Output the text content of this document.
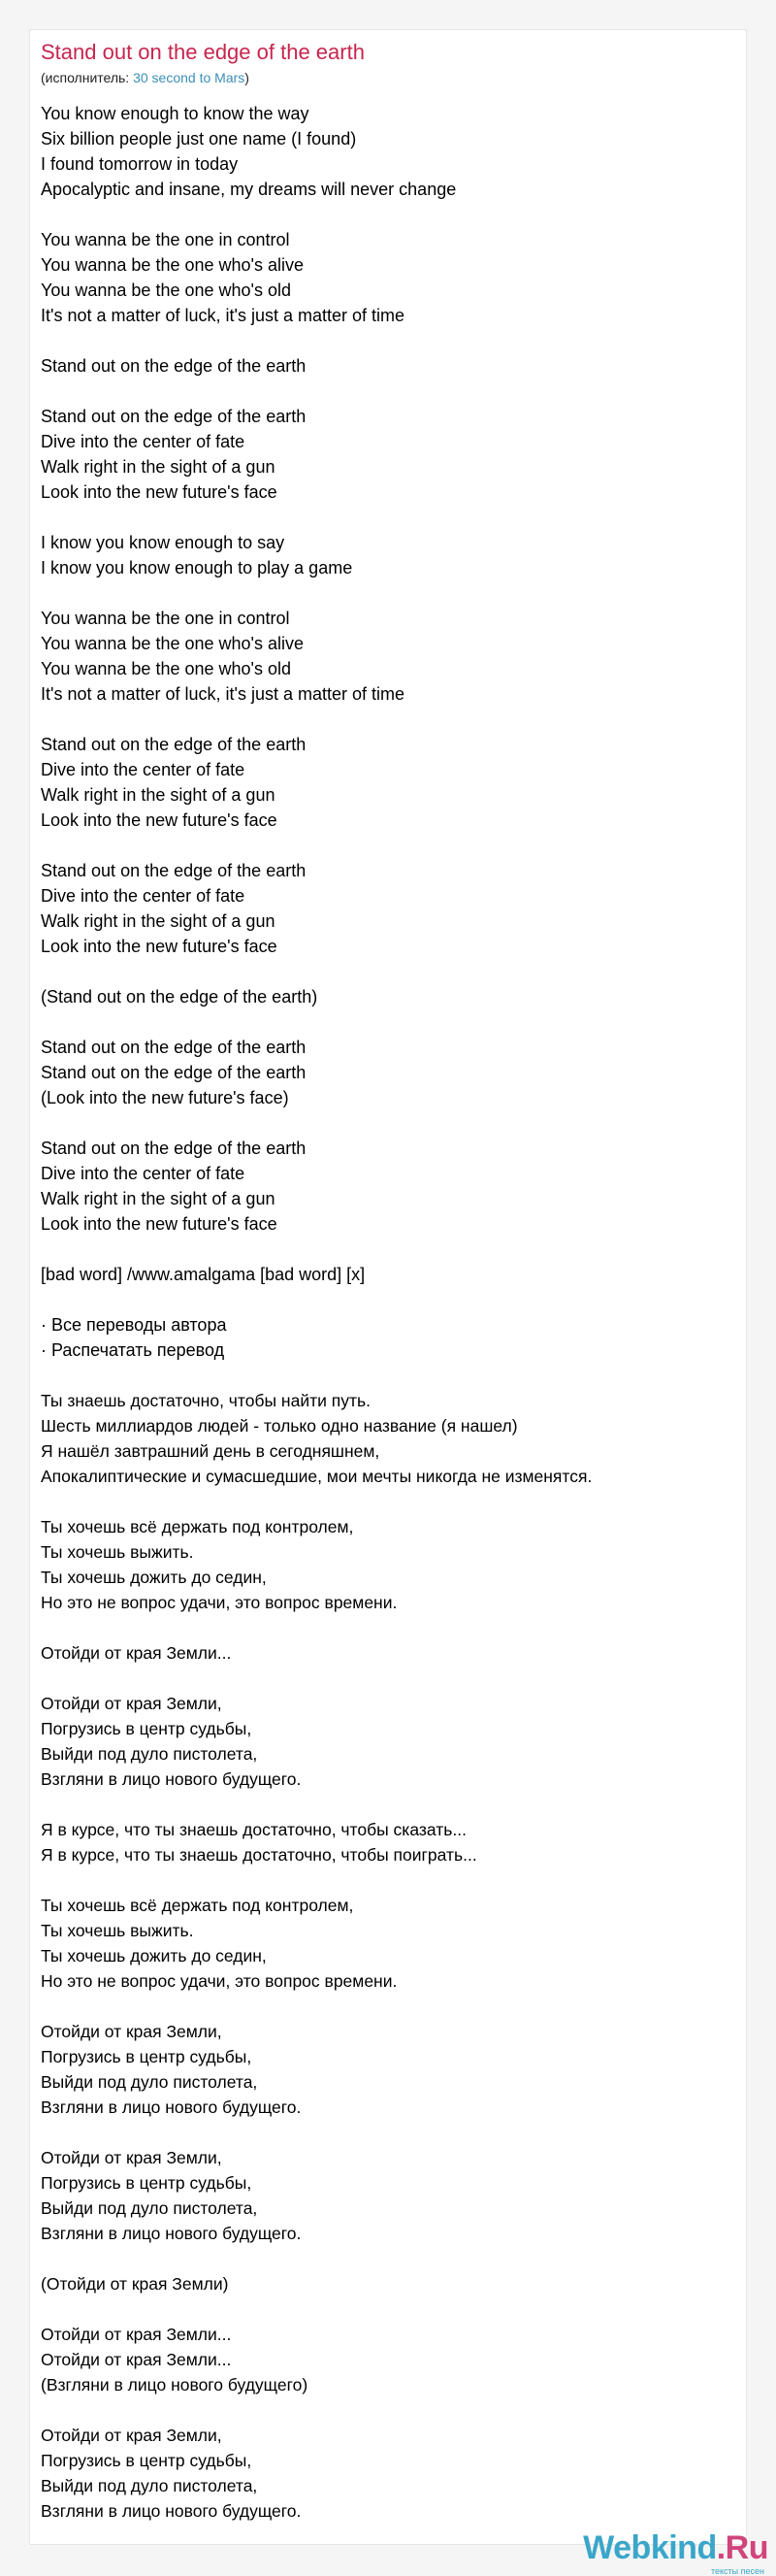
Stand out on the edge of the earth
(исполнитель: 30 second to Mars)
You know enough to know the way
Six billion people just one name (I found)
I found tomorrow in today
Apocalyptic and insane, my dreams will never change
You wanna be the one in control
You wanna be the one who's alive
You wanna be the one who's old
It's not a matter of luck, it's just a matter of time
Stand out on the edge of the earth
Stand out on the edge of the earth
Dive into the center of fate
Walk right in the sight of a gun
Look into the new future's face
I know you know enough to say
I know you know enough to play a game
You wanna be the one in control
You wanna be the one who's alive
You wanna be the one who's old
It's not a matter of luck, it's just a matter of time
Stand out on the edge of the earth
Dive into the center of fate
Walk right in the sight of a gun
Look into the new future's face
Stand out on the edge of the earth
Dive into the center of fate
Walk right in the sight of a gun
Look into the new future's face
(Stand out on the edge of the earth)
Stand out on the edge of the earth
Stand out on the edge of the earth
(Look into the new future's face)
Stand out on the edge of the earth
Dive into the center of fate
Walk right in the sight of a gun
Look into the new future's face
[bad word] /www.amalgama [bad word] [x]
· Все переводы автора
· Распечатать перевод
Ты знаешь достаточно, чтобы найти путь.
Шесть миллиардов людей - только одно название (я нашел)
Я нашёл завтрашний день в сегодняшнем,
Апокалиптические и сумасшедшие, мои мечты никогда не изменятся.
Ты хочешь всё держать под контролем,
Ты хочешь выжить.
Ты хочешь дожить до седин,
Но это не вопрос удачи, это вопрос времени.
Отойди от края Земли...
Отойди от края Земли,
Погрузись в центр судьбы,
Выйди под дуло пистолета,
Взгляни в лицо нового будущего.
Я в курсе, что ты знаешь достаточно, чтобы сказать...
Я в курсе, что ты знаешь достаточно, чтобы поиграть...
Ты хочешь всё держать под контролем,
Ты хочешь выжить.
Ты хочешь дожить до седин,
Но это не вопрос удачи, это вопрос времени.
Отойди от края Земли,
Погрузись в центр судьбы,
Выйди под дуло пистолета,
Взгляни в лицо нового будущего.
Отойди от края Земли,
Погрузись в центр судьбы,
Выйди под дуло пистолета,
Взгляни в лицо нового будущего.
(Отойди от края Земли)
Отойди от края Земли...
Отойди от края Земли...
(Взгляни в лицо нового будущего)
Отойди от края Земли,
Погрузись в центр судьбы,
Выйди под дуло пистолета,
Взгляни в лицо нового будущего.
Webkind.Ru
тексты песен
